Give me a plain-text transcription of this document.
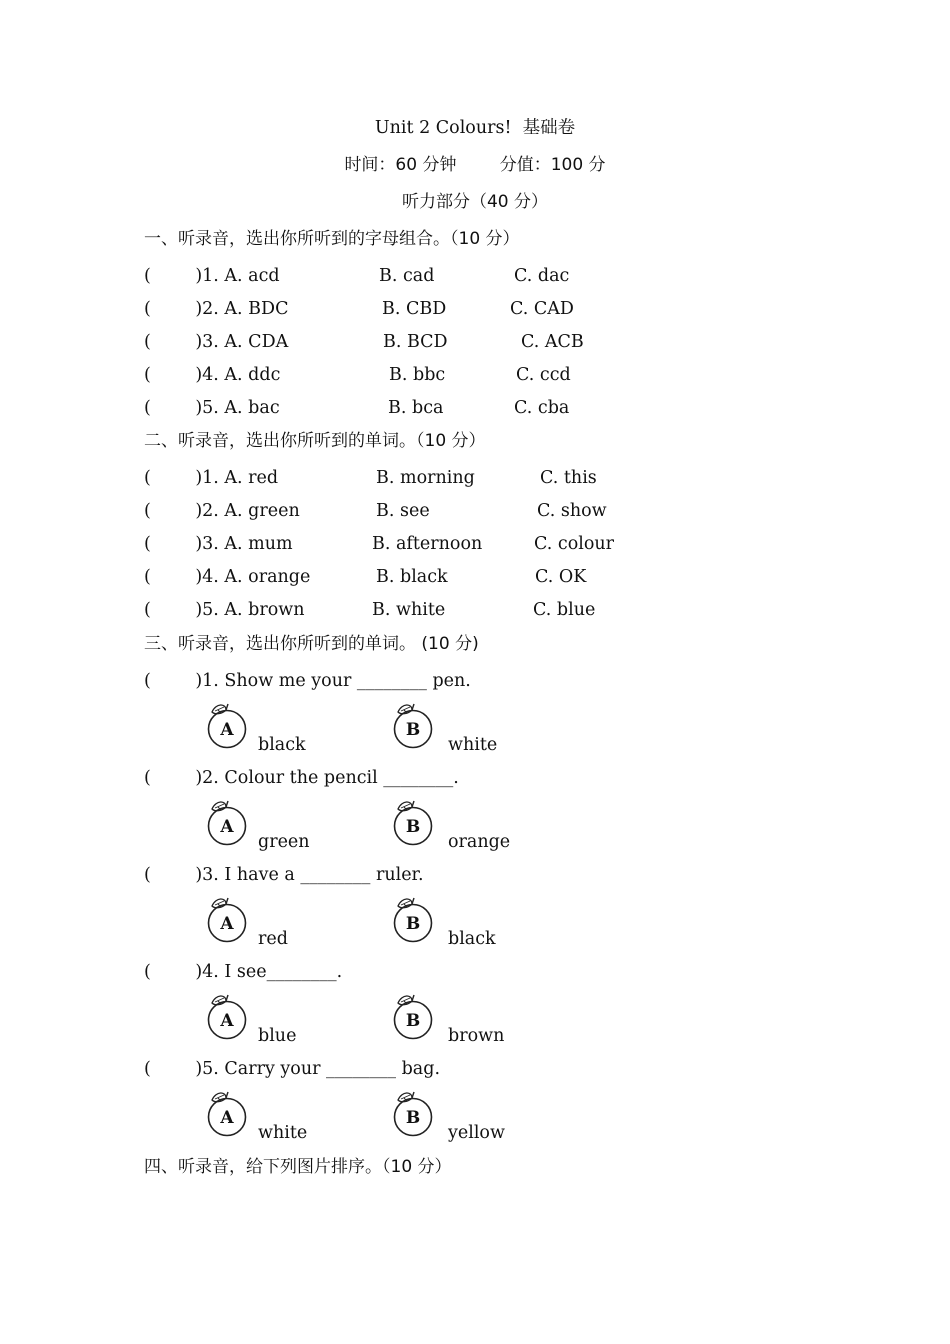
Unit 2 Colours!  基础卷
时间：60 分钟        分值：100 分
听力部分（40 分）
一、听录音，选出你所听到的字母组合。（10 分）
(        )1. A. acd	B. cad	C. dac
(        )2. A. BDC	B. CBD	C. CAD
(        )3. A. CDA	B. BCD	C. ACB
(        )4. A. ddc	B. bbc	C. ccd
(        )5. A. bac	B. bca	C. cba
二、听录音，选出你所听到的单词。（10 分）
(        )1. A. red	B. morning	C. this
(        )2. A. green	B. see	C. show
(        )3. A. mum	B. afternoon	C. colour
(        )4. A. orange	B. black	C. OK
(        )5. A. brown	B. white	C. blue
三、听录音，选出你所听到的单词。 (10 分)
(        )1. Show me your ________ pen.
A
black
B
white
(        )2. Colour the pencil ________.
A
green
B
orange
(        )3. I have a ________ ruler.
A
red
B
black
(        )4. I see________.
A
blue
B
brown
(        )5. Carry your ________ bag.
A
white
B
yellow
四、听录音，给下列图片排序。（10 分）
